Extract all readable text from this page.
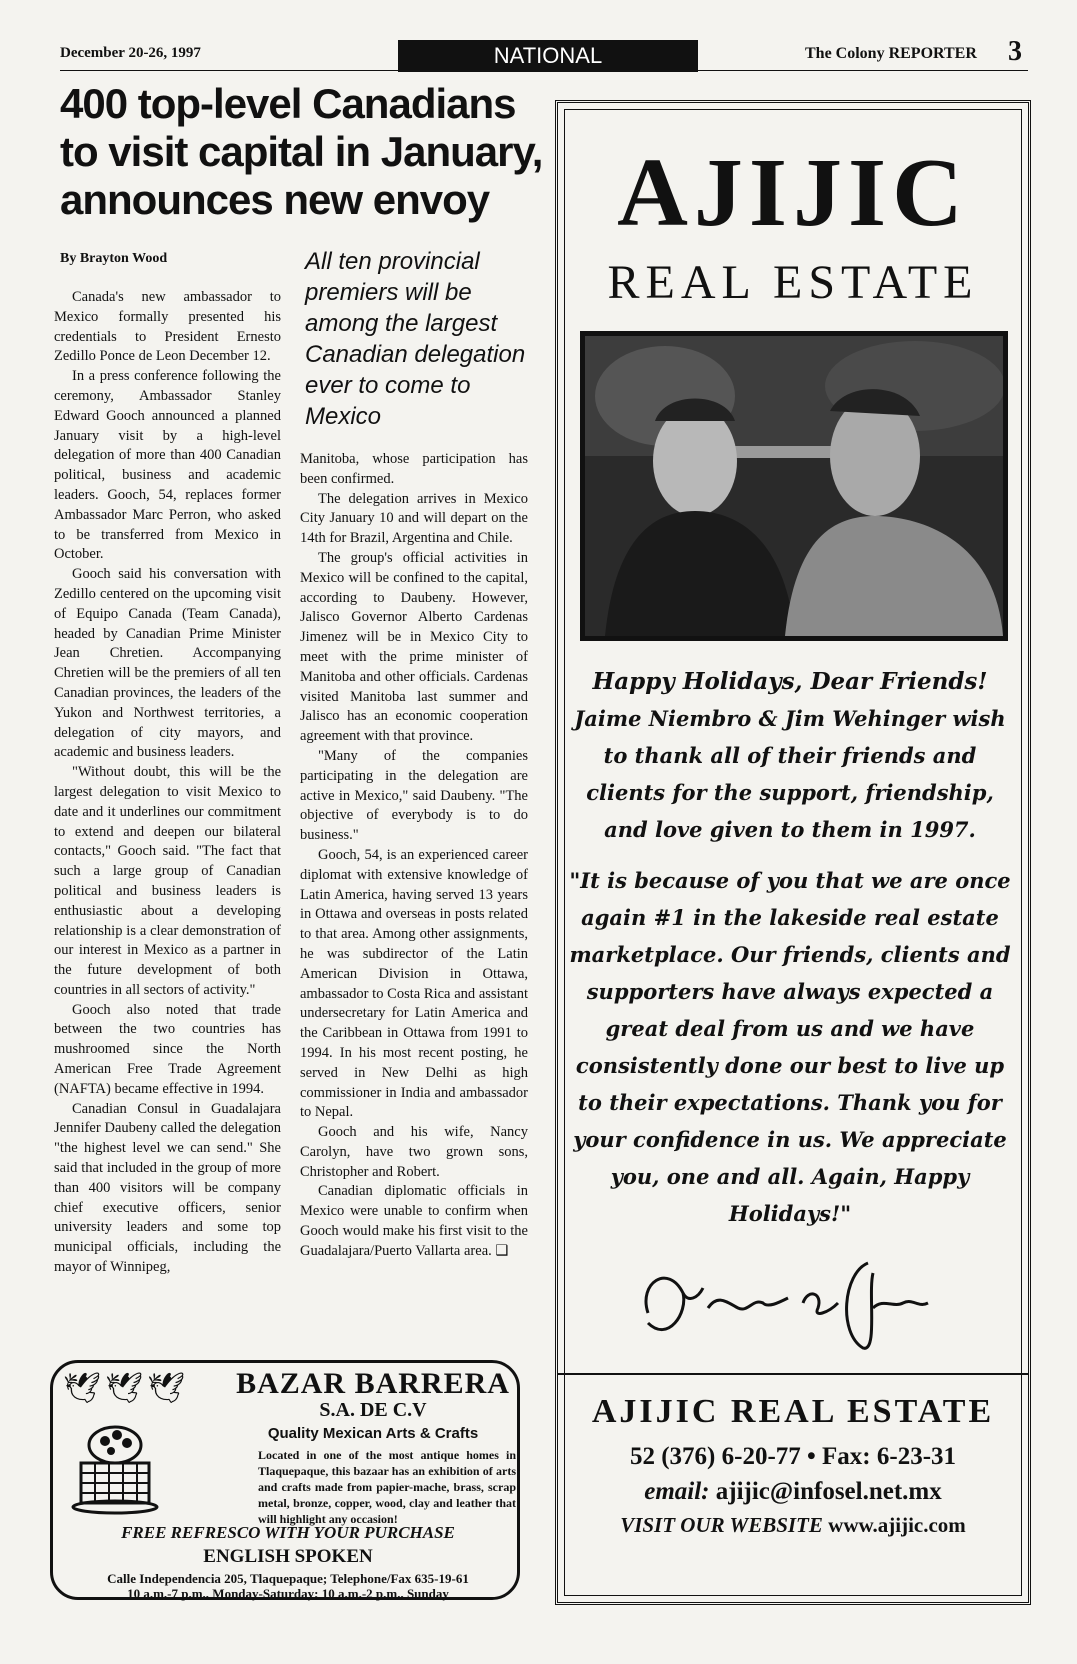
December 20-26, 1997	NATIONAL	The Colony REPORTER 3
400 top-level Canadians to visit capital in January, announces new envoy
By Brayton Wood	All ten provincial premiers will be among the largest Canadian delegation ever to come to Mexico

Canada's new ambassador to Mexico formally presented his credentials to President Ernesto Zedillo Ponce de Leon December 12.

In a press conference following the ceremony, Ambassador Stanley Edward Gooch announced a planned January visit by a high-level delegation of more than 400 Canadian political, business and academic leaders. Gooch, 54, replaces former Ambassador Marc Perron, who asked to be transferred from Mexico in October.

Gooch said his conversation with Zedillo centered on the upcoming visit of Equipo Canada (Team Canada), headed by Canadian Prime Minister Jean Chretien. Accompanying Chretien will be the premiers of all ten Canadian provinces, the leaders of the Yukon and Northwest territories, a delegation of city mayors, and academic and business leaders.

"Without doubt, this will be the largest delegation to visit Mexico to date and it underlines our commitment to extend and deepen our bilateral contacts," Gooch said. "The fact that such a large group of Canadian political and business leaders is enthusiastic about a developing relationship is a clear demonstration of our interest in Mexico as a partner in the future development of both countries in all sectors of activity."

Gooch also noted that trade between the two countries has mushroomed since the North American Free Trade Agreement (NAFTA) became effective in 1994.

Canadian Consul in Guadalajara Jennifer Daubeny called the delegation "the highest level we can send." She said that included in the group of more than 400 visitors will be company chief executive officers, senior university leaders and some top municipal officials, including the mayor of Winnipeg,

Manitoba, whose participation has been confirmed.

The delegation arrives in Mexico City January 10 and will depart on the 14th for Brazil, Argentina and Chile.

The group's official activities in Mexico will be confined to the capital, according to Daubeny. However, Jalisco Governor Alberto Cardenas Jimenez will be in Mexico City to meet with the prime minister of Manitoba and other officials. Cardenas visited Manitoba last summer and Jalisco has an economic cooperation agreement with that province.

"Many of the companies participating in the delegation are active in Mexico," said Daubeny. "The objective of everybody is to do business."

Gooch, 54, is an experienced career diplomat with extensive knowledge of Latin America, having served 13 years in Ottawa and overseas in posts related to that area. Among other assignments, he was subdirector of the Latin American Division in Ottawa, ambassador to Costa Rica and assistant undersecretary for Latin America and the Caribbean in Ottawa from 1991 to 1994. In his most recent posting, he served in New Delhi as high commissioner in India and ambassador to Nepal.

Gooch and his wife, Nancy Carolyn, have two grown sons, Christopher and Robert.

Canadian diplomatic officials in Mexico were unable to confirm when Gooch would make his first visit to the Guadalajara/Puerto Vallarta area. ❑

🕊🕊🕊 BAZAR BARRERA
S.A. DE C.V
Quality Mexican Arts & Crafts
Located in one of the most antique homes in Tlaquepaque, this bazaar has an exhibition of arts and crafts made from papier-mache, brass, scrap metal, bronze, copper, wood, clay and leather that will highlight any occasion!
FREE REFRESCO WITH YOUR PURCHASE
ENGLISH SPOKEN
Calle Independencia 205, Tlaquepaque; Telephone/Fax 635-19-61
10 a.m.-7 p.m., Monday-Saturday; 10 a.m.-2 p.m., Sunday
AJIJIC
REAL ESTATE
Happy Holidays, Dear Friends!
Jaime Niembro & Jim Wehinger wish to thank all of their friends and clients for the support, friendship, and love given to them in 1997.
"It is because of you that we are once again #1 in the lakeside real estate marketplace. Our friends, clients and supporters have always expected a great deal from us and we have consistently done our best to live up to their expectations. Thank you for your confidence in us. We appreciate you, one and all. Again, Happy Holidays!"
AJIJIC REAL ESTATE
52 (376) 6-20-77 • Fax: 6-23-31
email: ajijic@infosel.net.mx
VISIT OUR WEBSITE www.ajijic.com
